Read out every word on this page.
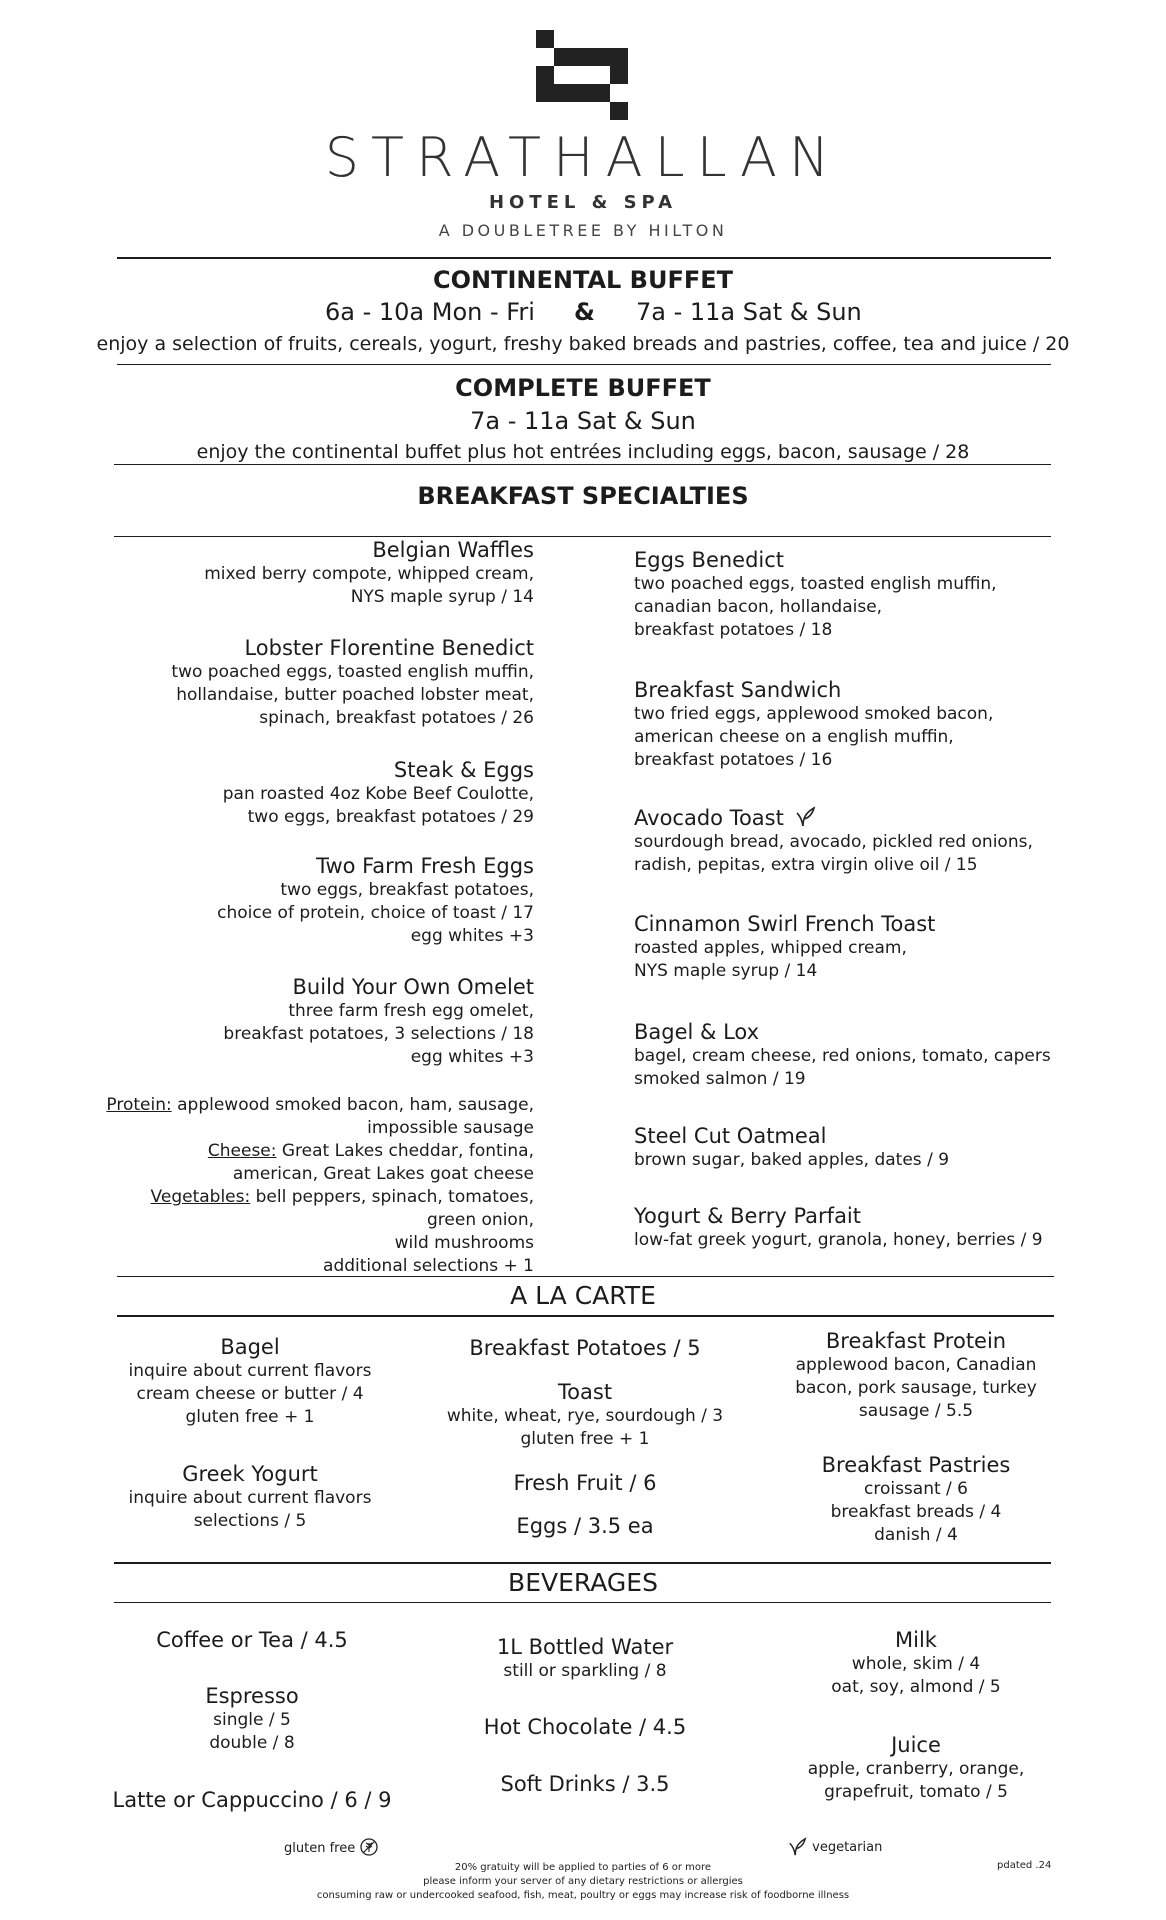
STRATHALLAN
HOTEL & SPA
A DOUBLETREE BY HILTON
CONTINENTAL BUFFET
6a - 10a Mon - Fri & 7a - 11a Sat & Sun
enjoy a selection of fruits, cereals, yogurt, freshy baked breads and pastries, coffee, tea and juice / 20
COMPLETE BUFFET
7a - 11a Sat & Sun
enjoy the continental buffet plus hot entrées including eggs, bacon, sausage / 28
BREAKFAST SPECIALTIES
Belgian Waffles
mixed berry compote, whipped cream,
NYS maple syrup / 14
Lobster Florentine Benedict
two poached eggs, toasted english muffin,
hollandaise, butter poached lobster meat,
spinach, breakfast potatoes / 26
Steak & Eggs
pan roasted 4oz Kobe Beef Coulotte,
two eggs, breakfast potatoes / 29
Two Farm Fresh Eggs
two eggs, breakfast potatoes,
choice of protein, choice of toast / 17
egg whites +3
Build Your Own Omelet
three farm fresh egg omelet,
breakfast potatoes, 3 selections / 18
egg whites +3
Protein: applewood smoked bacon, ham, sausage,
impossible sausage
Cheese: Great Lakes cheddar, fontina,
american, Great Lakes goat cheese
Vegetables: bell peppers, spinach, tomatoes,
green onion,
wild mushrooms
additional selections + 1
Eggs Benedict
two poached eggs, toasted english muffin,
canadian bacon, hollandaise,
breakfast potatoes / 18
Breakfast Sandwich
two fried eggs, applewood smoked bacon,
american cheese on a english muffin,
breakfast potatoes / 16
Avocado Toast
sourdough bread, avocado, pickled red onions,
radish, pepitas, extra virgin olive oil / 15
Cinnamon Swirl French Toast
roasted apples, whipped cream,
NYS maple syrup / 14
Bagel & Lox
bagel, cream cheese, red onions, tomato, capers
smoked salmon / 19
Steel Cut Oatmeal
brown sugar, baked apples, dates / 9
Yogurt & Berry Parfait
low-fat greek yogurt, granola, honey, berries / 9
A LA CARTE
Bagel
inquire about current flavors
cream cheese or butter / 4
gluten free + 1
Greek Yogurt
inquire about current flavors
selections / 5
Breakfast Potatoes / 5
Toast
white, wheat, rye, sourdough / 3
gluten free + 1
Fresh Fruit / 6
Eggs / 3.5 ea
Breakfast Protein
applewood bacon, Canadian
bacon, pork sausage, turkey
sausage / 5.5
Breakfast Pastries
croissant / 6
breakfast breads / 4
danish / 4
BEVERAGES
Coffee or Tea / 4.5
Espresso
single / 5
double / 8
Latte or Cappuccino / 6 / 9
1L Bottled Water
still or sparkling / 8
Hot Chocolate / 4.5
Soft Drinks / 3.5
Milk
whole, skim / 4
oat, soy, almond / 5
Juice
apple, cranberry, orange,
grapefruit, tomato / 5
gluten free	vegetarian
20% gratuity will be applied to parties of 6 or more
please inform your server of any dietary restrictions or allergies
consuming raw or undercooked seafood, fish, meat, poultry or eggs may increase risk of foodborne illness
pdated .24
